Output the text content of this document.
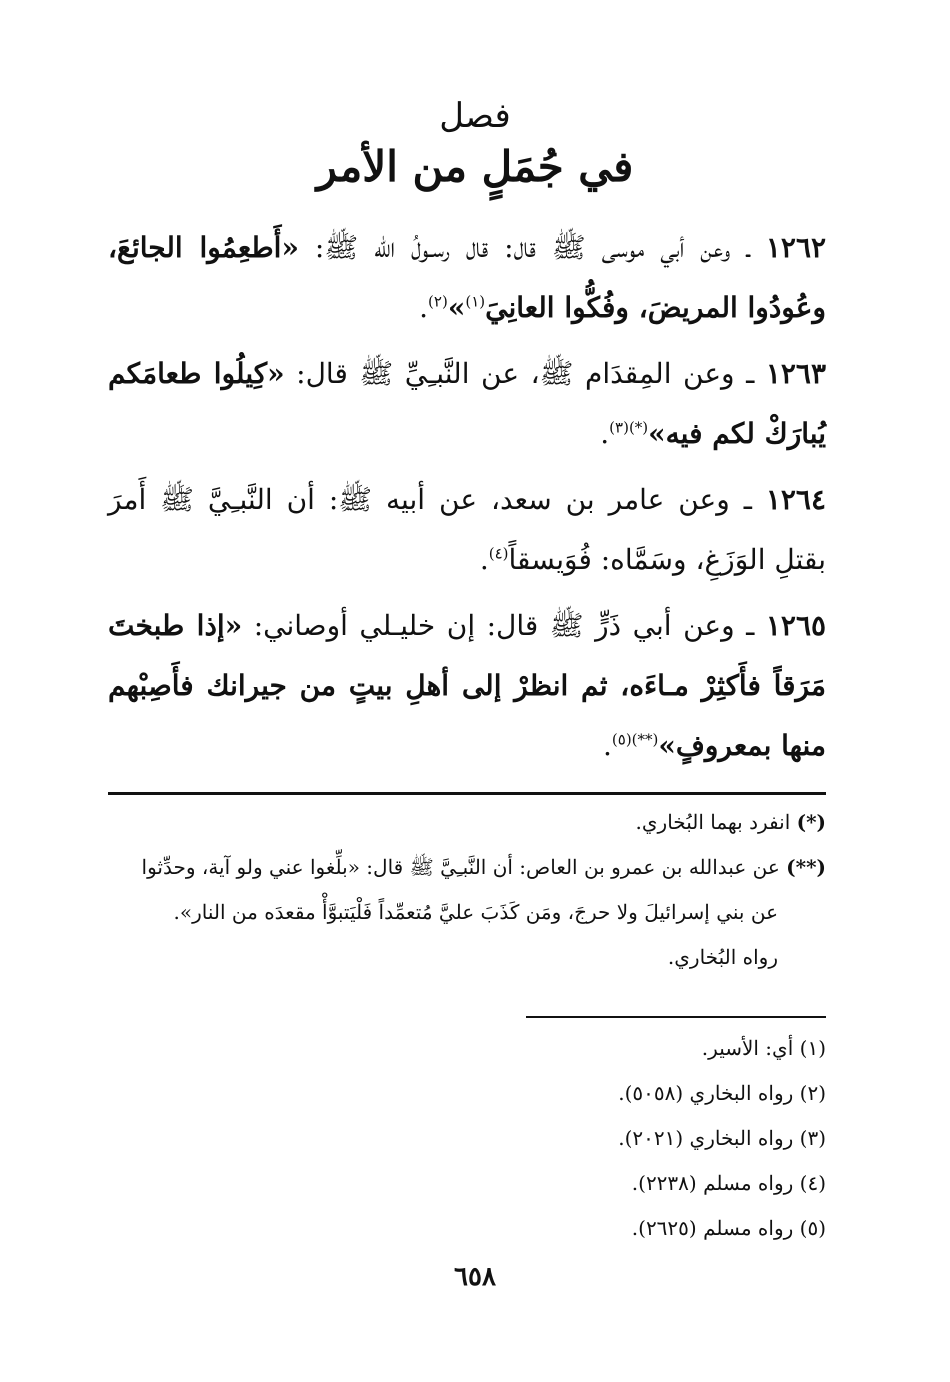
فصل
في جُمَلٍ من الأمر

١٢٦٢ ـ وعن أبي موسى ﷺ قال: قال رسـولُ الله ﷺ: «أَطعِمُوا الجائعَ، وعُودُوا المريضَ، وفُكُّوا العانِيَ$^{(١)}$»$^{(٢)}$.

١٢٦٣ ـ وعن المِقدَام ﷺ، عن النَّبـِيِّ ﷺ قال: «كِيلُوا طعامَكم يُبارَكْ لكم فيه»$^{(*)(٣)}$.

١٢٦٤ ـ وعن عامر بن سعد، عن أبيه ﷺ: أن النَّبـِيَّ ﷺ أَمرَ بقتلِ الوَزَغِ، وسَمَّاه: فُوَيسقاً$^{(٤)}$.

١٢٦٥ ـ وعن أبي ذَرٍّ ﷺ قال: إن خليـلي أوصاني: «إذا طبختَ مَرَقاً فأَكثِرْ مـاءَه، ثم انظرْ إلى أهلِ بيتٍ من جيرانك فأَصِبْهم منها بمعروفٍ»$^{(**)(٥)}$.

(*) انفرد بهما البُخاري.

(**) عن عبدالله بن عمرو بن العاص: أن النَّبـِيَّ ﷺ قال: «بلِّغوا عني ولو آية، وحدِّثوا

عن بني إسرائيلَ ولا حرجَ، ومَن كَذَبَ عليَّ مُتعمِّداً فَلْيَتبوَّأْ مقعدَه من النار».

رواه البُخاري.

(١) أي: الأسير.

(٢) رواه البخاري (٥٠٥٨).

(٣) رواه البخاري (٢٠٢١).

(٤) رواه مسلم (٢٢٣٨).

(٥) رواه مسلم (٢٦٢٥).

٦٥٨
